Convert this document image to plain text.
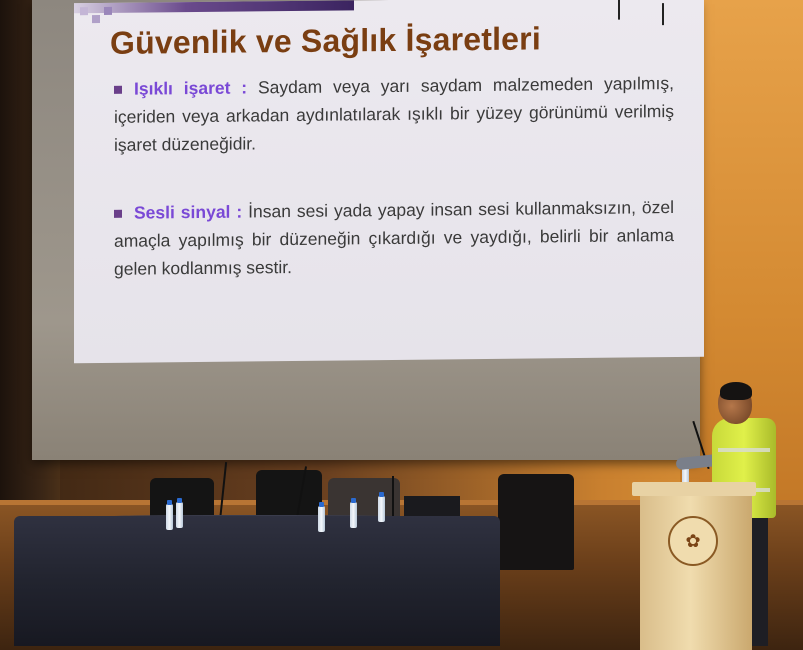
Güvenlik ve Sağlık İşaretleri
Işıklı işaret : Saydam veya yarı saydam malzemeden yapılmış, içeriden veya arkadan aydınlatılarak ışıklı bir yüzey görünümü verilmiş işaret düzeneğidir.
Sesli sinyal : İnsan sesi yada yapay insan sesi kullanmaksızın, özel amaçla yapılmış bir düzeneğin çıkardığı ve yaydığı, belirli bir anlama gelen kodlanmış sestir.
✿
